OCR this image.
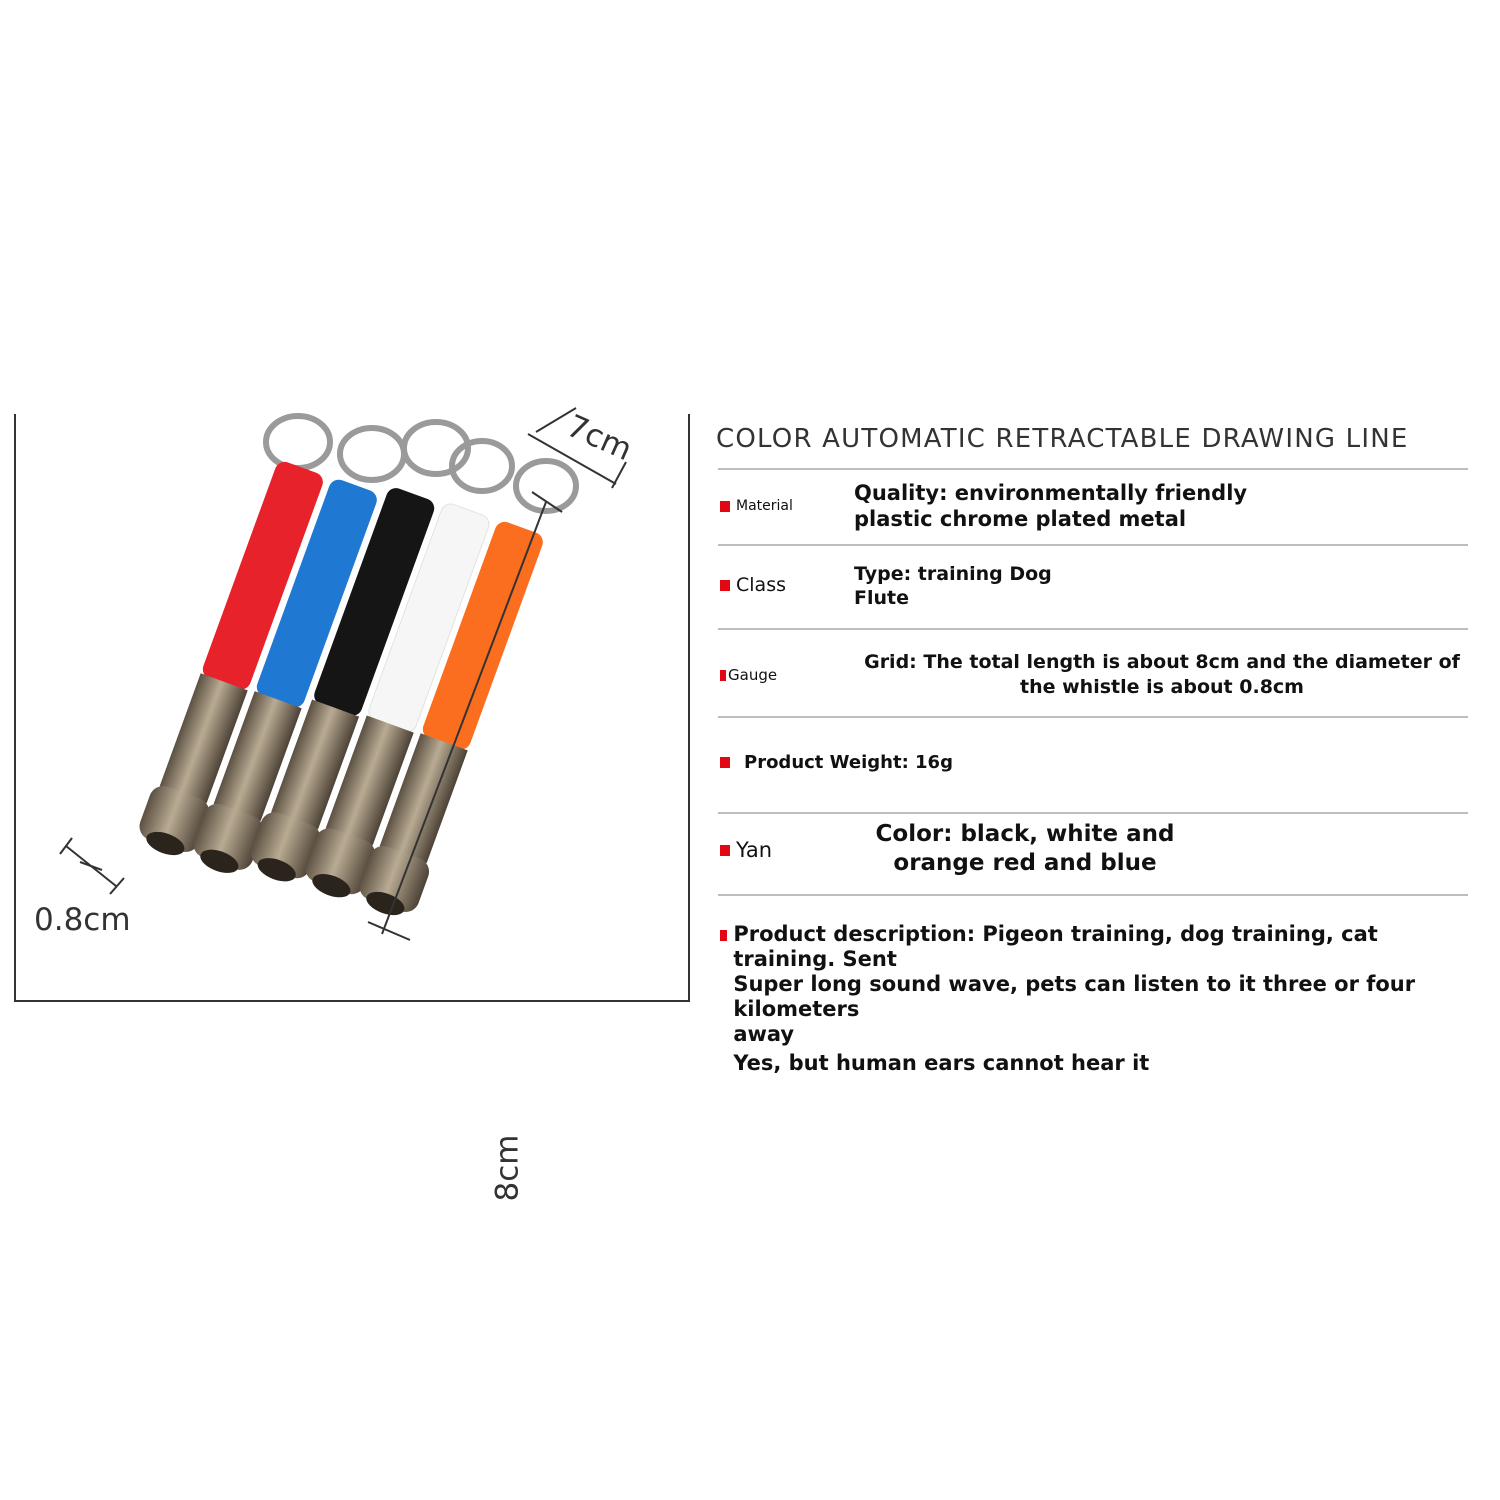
7cm
8cm
0.8cm
COLOR AUTOMATIC RETRACTABLE DRAWING LINE
Material
Quality: environmentally friendly
plastic chrome plated metal
Class	Type: training Dog
Flute
Gauge
Grid: The total length is about 8cm and the diameter of
the whistle is about 0.8cm
Product Weight: 16g
Yan
Color: black, white and
orange red and blue
Product description: Pigeon training, dog training, cat training. Sent
Super long sound wave, pets can listen to it three or four kilometers
away
Yes, but human ears cannot hear it
